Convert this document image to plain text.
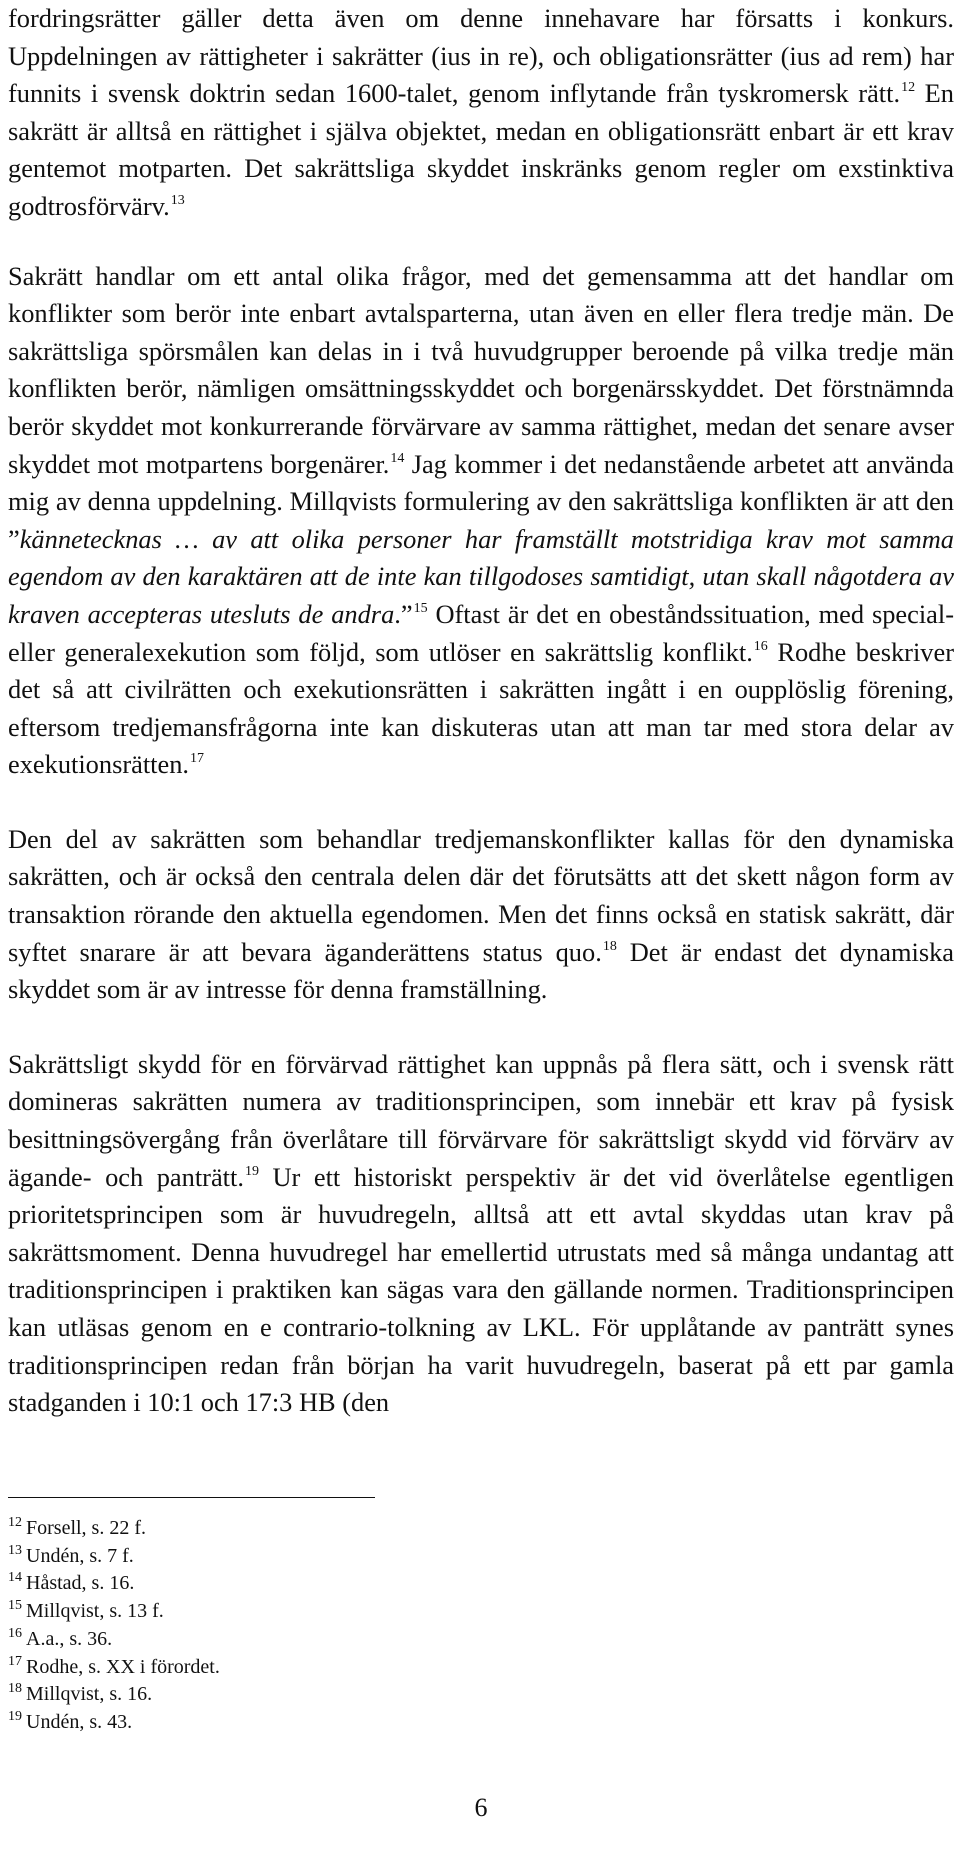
fordringsrätter gäller detta även om denne innehavare har försatts i konkurs. Uppdelningen av rättigheter i sakrätter (ius in re), och obligationsrätter (ius ad rem) har funnits i svensk doktrin sedan 1600-talet, genom inflytande från tyskromersk rätt.$^{12}$ En sakrätt är alltså en rättighet i själva objektet, medan en obligationsrätt enbart är ett krav gentemot motparten. Det sakrättsliga skyddet inskränks genom regler om exstinktiva godtrosförvärv.$^{13}$

Sakrätt handlar om ett antal olika frågor, med det gemensamma att det handlar om konflikter som berör inte enbart avtalsparterna, utan även en eller flera tredje män. De sakrättsliga spörsmålen kan delas in i två huvudgrupper beroende på vilka tredje män konflikten berör, nämligen omsättningsskyddet och borgenärsskyddet. Det förstnämnda berör skyddet mot konkurrerande förvärvare av samma rättighet, medan det senare avser skyddet mot motpartens borgenärer.$^{14}$ Jag kommer i det nedanstående arbetet att använda mig av denna uppdelning. Millqvists formulering av den sakrättsliga konflikten är att den ”kännetecknas … av att olika personer har framställt motstridiga krav mot samma egendom av den karaktären att de inte kan tillgodoses samtidigt, utan skall någotdera av kraven accepteras utesluts de andra.”$^{15}$ Oftast är det en obeståndssituation, med special- eller generalexekution som följd, som utlöser en sakrättslig konflikt.$^{16}$ Rodhe beskriver det så att civilrätten och exekutionsrätten i sakrätten ingått i en oupplöslig förening, eftersom tredjemansfrågorna inte kan diskuteras utan att man tar med stora delar av exekutionsrätten.$^{17}$

Den del av sakrätten som behandlar tredjemanskonflikter kallas för den dynamiska sakrätten, och är också den centrala delen där det förutsätts att det skett någon form av transaktion rörande den aktuella egendomen. Men det finns också en statisk sakrätt, där syftet snarare är att bevara äganderättens status quo.$^{18}$ Det är endast det dynamiska skyddet som är av intresse för denna framställning.

Sakrättsligt skydd för en förvärvad rättighet kan uppnås på flera sätt, och i svensk rätt domineras sakrätten numera av traditionsprincipen, som innebär ett krav på fysisk besittningsövergång från överlåtare till förvärvare för sakrättsligt skydd vid förvärv av ägande- och panträtt.$^{19}$ Ur ett historiskt perspektiv är det vid överlåtelse egentligen prioritetsprincipen som är huvudregeln, alltså att ett avtal skyddas utan krav på sakrättsmoment. Denna huvudregel har emellertid utrustats med så många undantag att traditionsprincipen i praktiken kan sägas vara den gällande normen. Traditionsprincipen kan utläsas genom en e contrario-tolkning av LKL. För upplåtande av panträtt synes traditionsprincipen redan från början ha varit huvudregeln, baserat på ett par gamla stadganden i 10:1 och 17:3 HB (den

$^{12}$ Forsell, s. 22 f.
$^{13}$ Undén, s. 7 f.
$^{14}$ Håstad, s. 16.
$^{15}$ Millqvist, s. 13 f.
$^{16}$ A.a., s. 36.
$^{17}$ Rodhe, s. XX i förordet.
$^{18}$ Millqvist, s. 16.
$^{19}$ Undén, s. 43.
6
